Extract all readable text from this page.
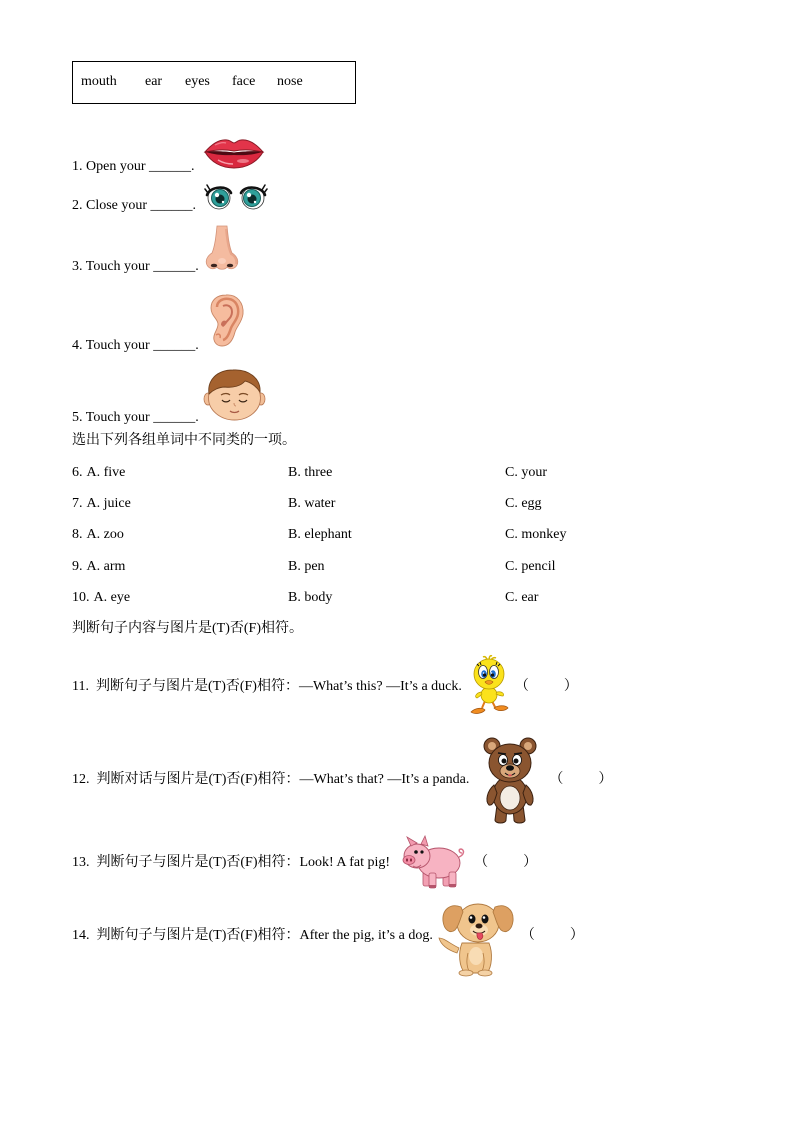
mouth ear eyes face nose
1. Open your ______.
2. Close your ______.
3. Touch your ______.
4. Touch your ______.
5. Touch your ______.
选出下列各组单词中不同类的一项。
6. A. five	B. three	C. your
7. A. juice	B. water	C. egg
8. A. zoo	B. elephant	C. monkey
9. A. arm	B. pen	C. pencil
10. A. eye	B. body	C. ear
判断句子内容与图片是(T)否(F)相符。
11. 判断句子与图片是(T)否(F)相符：—What’s this? —It’s a duck.	（          ）
12. 判断对话与图片是(T)否(F)相符：—What’s that? —It’s a panda.	（          ）
13. 判断句子与图片是(T)否(F)相符：Look! A fat pig!	（          ）
14. 判断句子与图片是(T)否(F)相符：After the pig, it’s a dog.	（          ）
